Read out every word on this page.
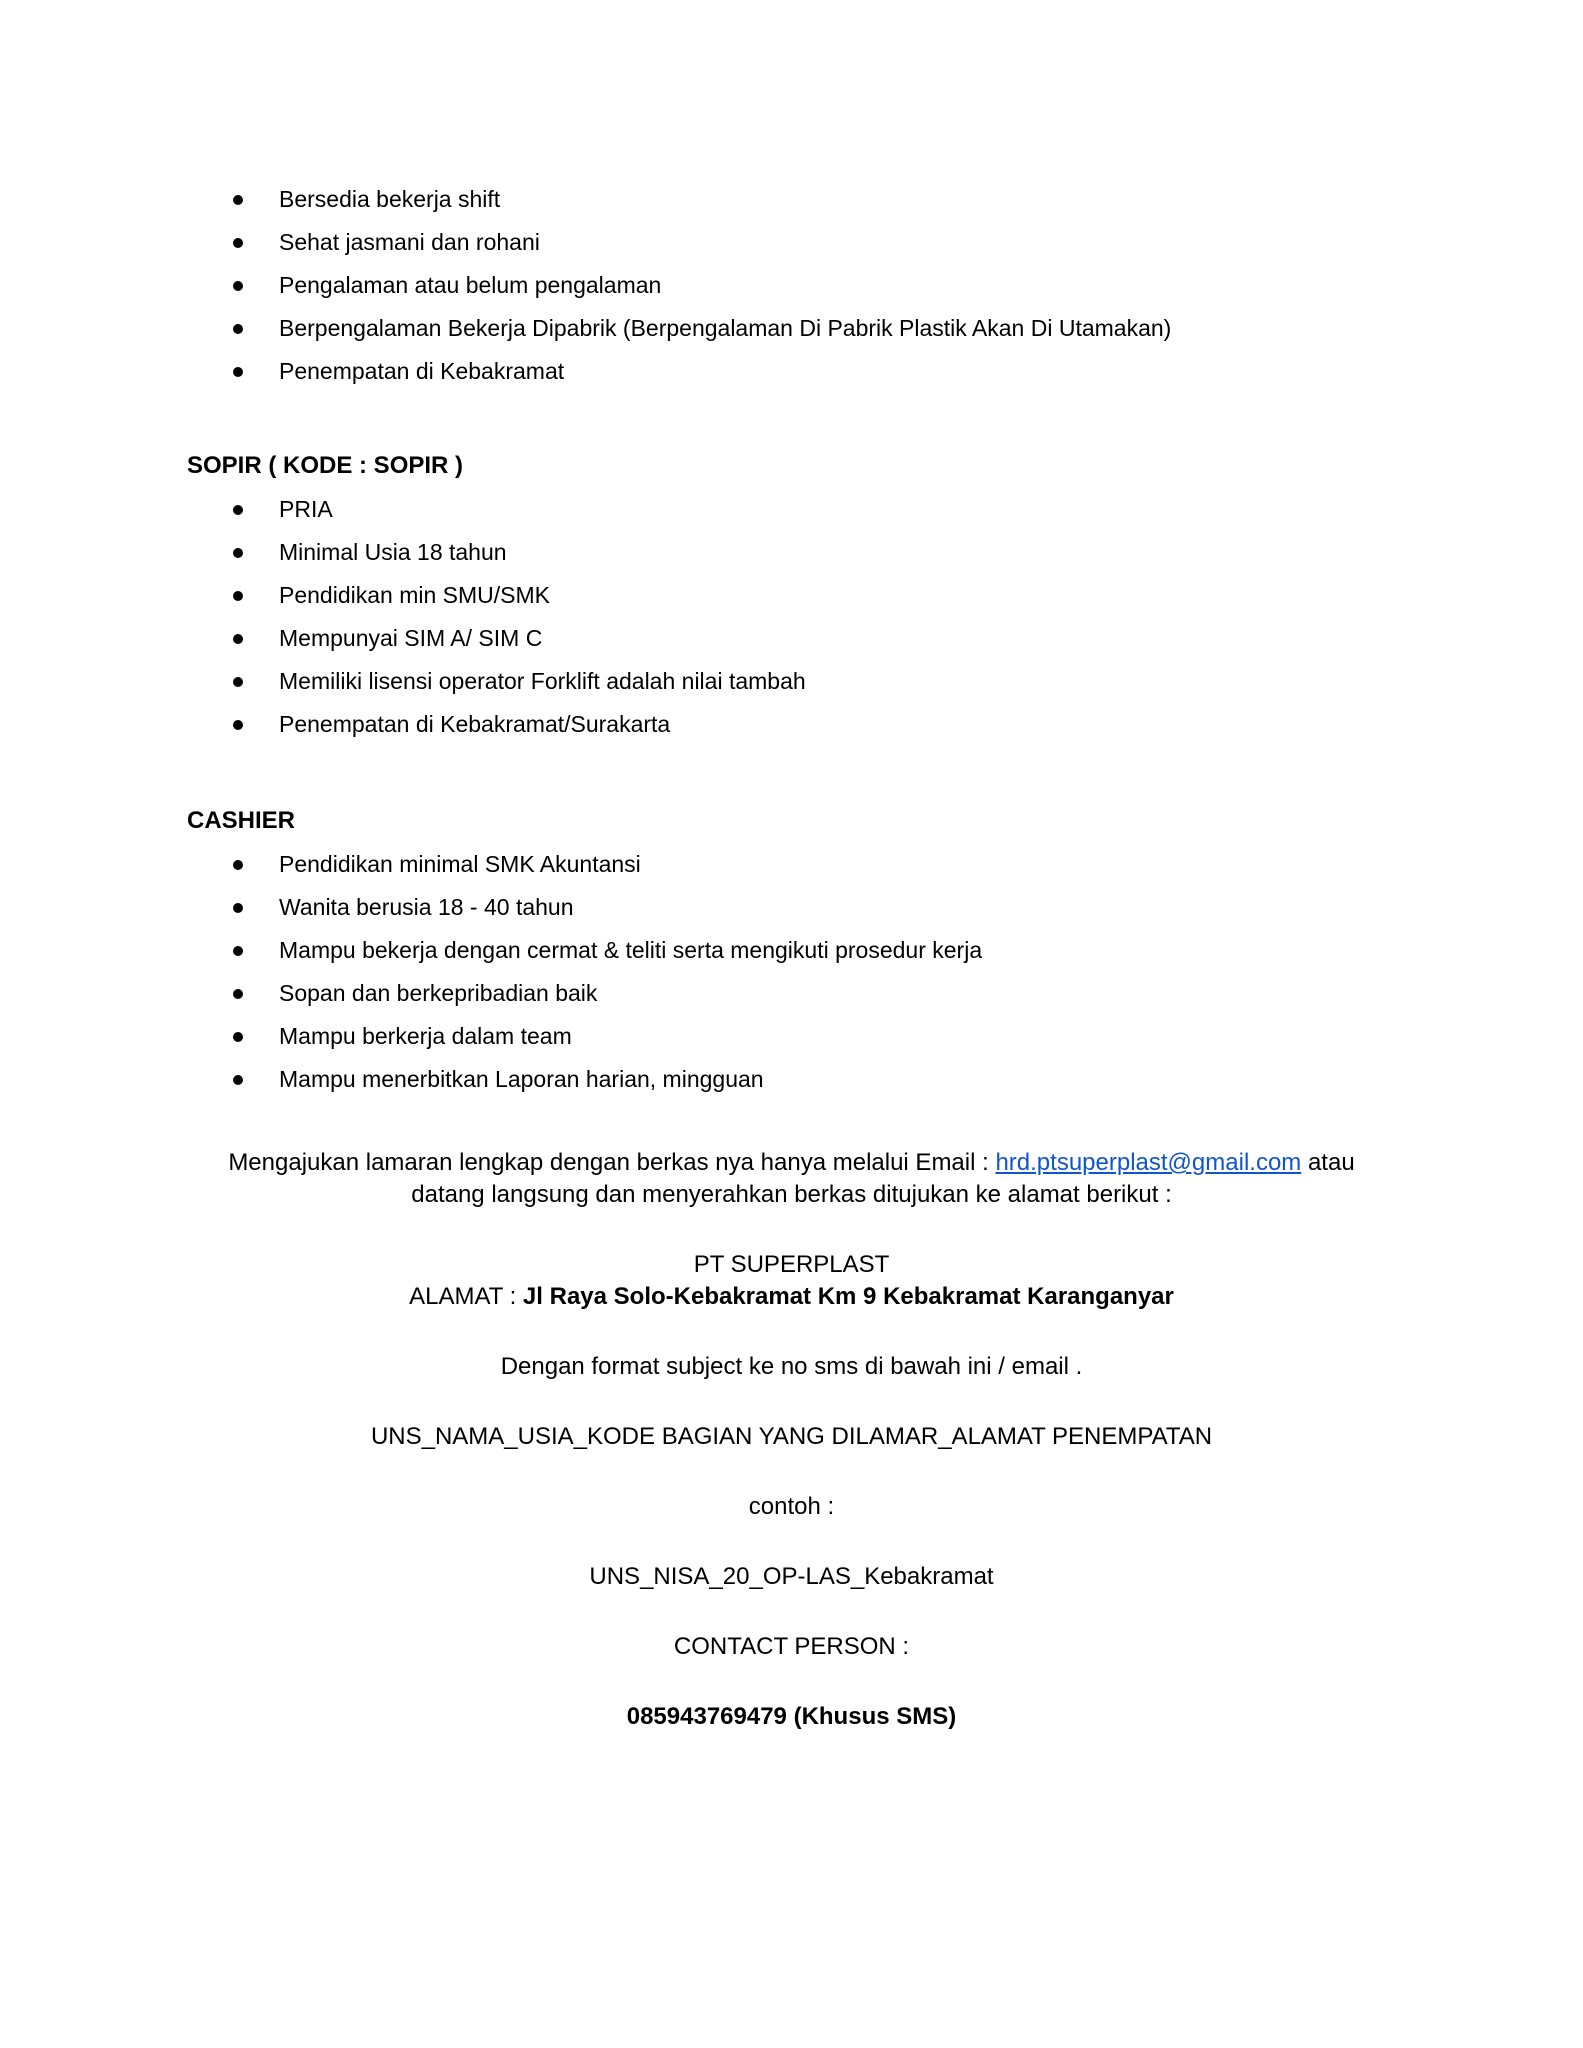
Bersedia bekerja shift
Sehat jasmani dan rohani
Pengalaman atau belum pengalaman
Berpengalaman Bekerja Dipabrik (Berpengalaman Di Pabrik Plastik Akan Di Utamakan)
Penempatan di Kebakramat
SOPIR ( KODE : SOPIR )
PRIA
Minimal Usia 18 tahun
Pendidikan min SMU/SMK
Mempunyai SIM A/ SIM C
Memiliki lisensi operator Forklift adalah nilai tambah
Penempatan di Kebakramat/Surakarta
CASHIER
Pendidikan minimal SMK Akuntansi
Wanita berusia 18 - 40 tahun
Mampu bekerja dengan cermat & teliti serta mengikuti prosedur kerja
Sopan dan berkepribadian baik
Mampu berkerja dalam team
Mampu menerbitkan Laporan harian, mingguan
Mengajukan lamaran lengkap dengan berkas nya hanya melalui Email : hrd.ptsuperplast@gmail.com atau
datang langsung dan menyerahkan berkas ditujukan ke alamat berikut :
PT SUPERPLAST
ALAMAT : Jl Raya Solo-Kebakramat Km 9 Kebakramat Karanganyar
Dengan format subject ke no sms di bawah ini / email .
UNS_NAMA_USIA_KODE BAGIAN YANG DILAMAR_ALAMAT PENEMPATAN
contoh :
UNS_NISA_20_OP-LAS_Kebakramat
CONTACT PERSON :
085943769479 (Khusus SMS)
